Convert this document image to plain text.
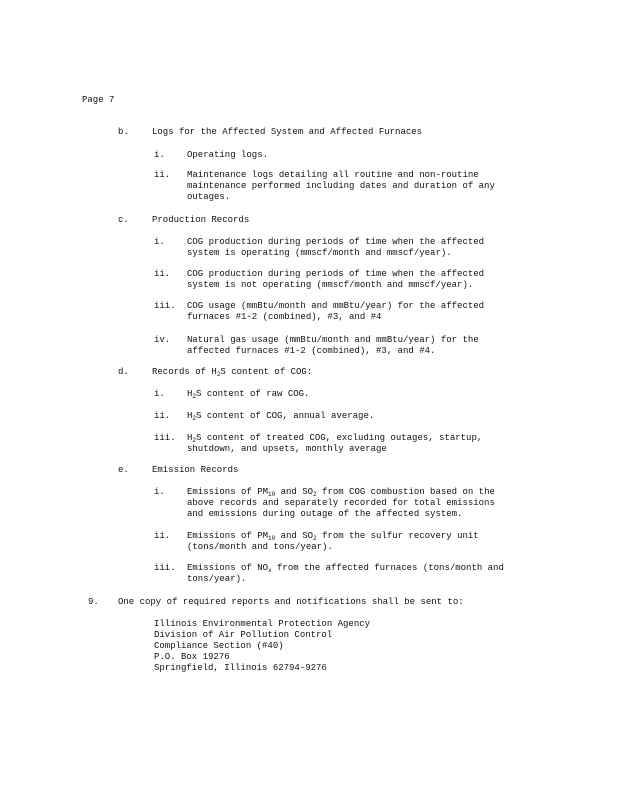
Page 7
b.	Logs for the Affected System and Affected Furnaces
i. Operating logs.
ii. Maintenance logs detailing all routine and non-routine
maintenance performed including dates and duration of any
outages.
c.	Production Records
i. COG production during periods of time when the affected
system is operating (mmscf/month and mmscf/year).
ii. COG production during periods of time when the affected
system is not operating (mmscf/month and mmscf/year).
iii. COG usage (mmBtu/month and mmBtu/year) for the affected
furnaces #1-2 (combined), #3, and #4
iv. Natural gas usage (mmBtu/month and mmBtu/year) for the
affected furnaces #1-2 (combined), #3, and #4.
d.	Records of $H_2S$ content of COG:
i. $H_2S$ content of raw COG.
ii. $H_2S$ content of COG, annual average.
iii. $H_2S$ content of treated COG, excluding outages, startup,
shutdown, and upsets, monthly average
e.	Emission Records
i. Emissions of $PM_{10}$ and $SO_2$ from COG combustion based on the
above records and separately recorded for total emissions
and emissions during outage of the affected system.
ii. Emissions of $PM_{10}$ and $SO_2$ from the sulfur recovery unit
(tons/month and tons/year).
iii. Emissions of $NO_x$ from the affected furnaces (tons/month and
tons/year).
9. One copy of required reports and notifications shall be sent to:
Illinois Environmental Protection Agency
Division of Air Pollution Control
Compliance Section (#40)
P.O. Box 19276
Springfield, Illinois 62794-9276
